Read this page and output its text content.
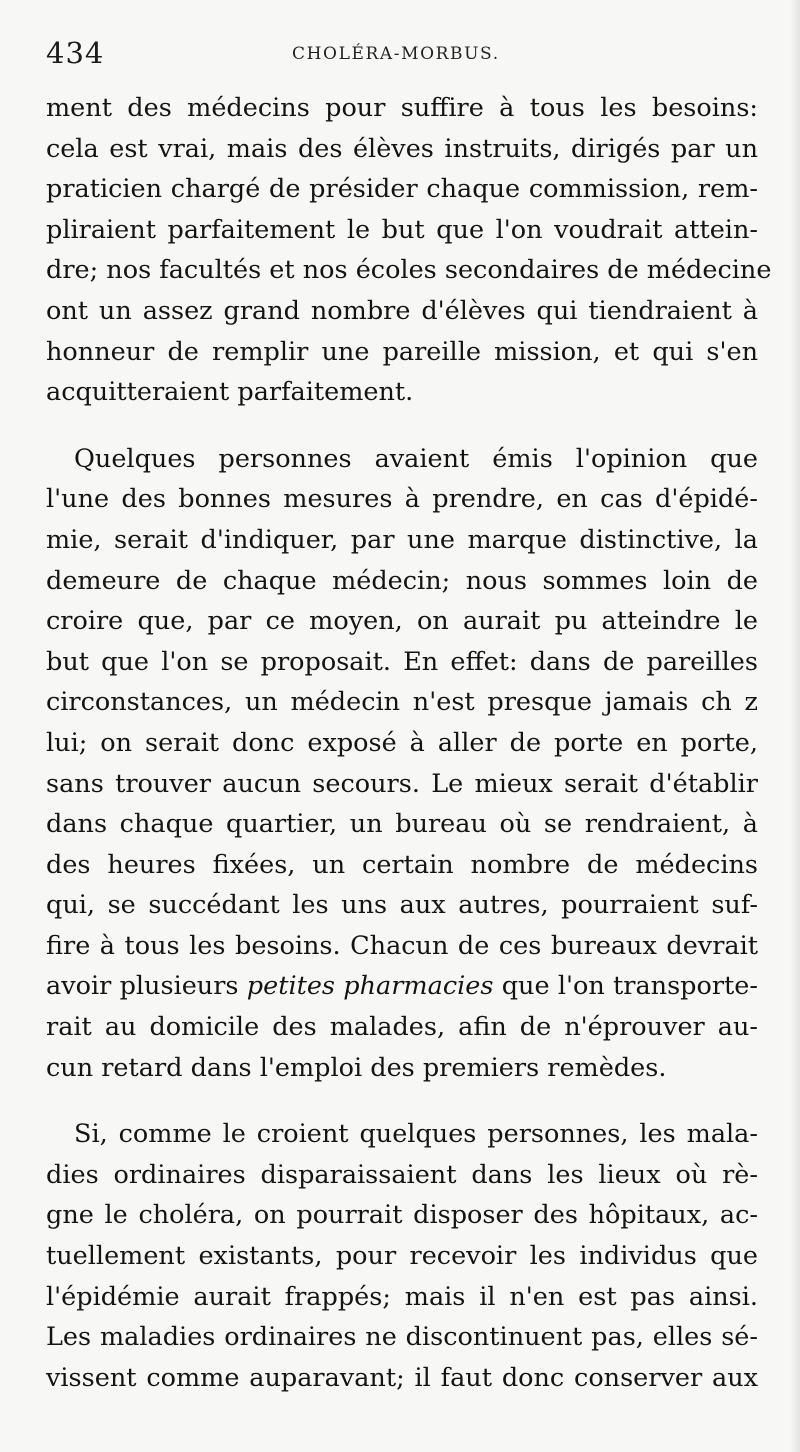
434	CHOLÉRA-MORBUS.

ment des médecins pour suffire à tous les besoins:
cela est vrai, mais des élèves instruits, dirigés par un
praticien chargé de présider chaque commission, rem-
pliraient parfaitement le but que l'on voudrait attein-
dre; nos facultés et nos écoles secondaires de médecine
ont un assez grand nombre d'élèves qui tiendraient à
honneur de remplir une pareille mission, et qui s'en
acquitteraient parfaitement.

Quelques personnes avaient émis l'opinion que
l'une des bonnes mesures à prendre, en cas d'épidé-
mie, serait d'indiquer, par une marque distinctive, la
demeure de chaque médecin; nous sommes loin de
croire que, par ce moyen, on aurait pu atteindre le
but que l'on se proposait. En effet: dans de pareilles
circonstances, un médecin n'est presque jamais ch z
lui; on serait donc exposé à aller de porte en porte,
sans trouver aucun secours. Le mieux serait d'établir
dans chaque quartier, un bureau où se rendraient, à
des heures fixées, un certain nombre de médecins
qui, se succédant les uns aux autres, pourraient suf-
fire à tous les besoins. Chacun de ces bureaux devrait
avoir plusieurs petites pharmacies que l'on transporte-
rait au domicile des malades, afin de n'éprouver au-
cun retard dans l'emploi des premiers remèdes.

Si, comme le croient quelques personnes, les mala-
dies ordinaires disparaissaient dans les lieux où rè-
gne le choléra, on pourrait disposer des hôpitaux, ac-
tuellement existants, pour recevoir les individus que
l'épidémie aurait frappés; mais il n'en est pas ainsi.
Les maladies ordinaires ne discontinuent pas, elles sé-
vissent comme auparavant; il faut donc conserver aux
